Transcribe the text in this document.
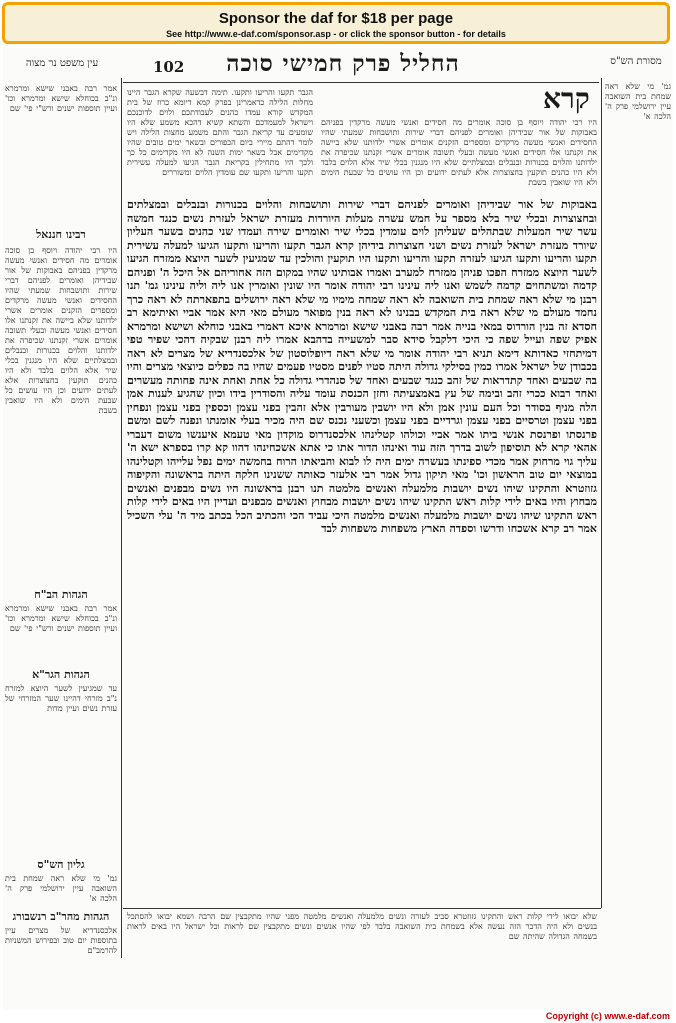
Sponsor the daf for $18 per page
See http://www.e-daf.com/sponsor.asp - or click the sponsor button - for details
עין משפט נר מצוה	102 החליל פרק חמישי סוכה	מסורת הש"ס
אמר רבה באבני שישא ומרמרא ונ"ב בכוחלא שישא ומרמרא וכו' ועיין תוספות ישנים ורש"י פי' שם
רבינו חננאל
היו רבי יהודה ויוסף בן סוכה אומרים מה חסידים ואנשי מעשה מרקדין בפניהם באבוקות של אור שבידיהן ואומרים לפניהם דברי שירות ותושבחות שמעתי שהיו החסידים ואנשי מעשה מרקדים ומספרים הזקנים אומרים אשרי ילדותנו שלא ביישה את זקנתנו אלו חסידים ואנשי מעשה ובעלי תשובה אומרים אשרי זקנתנו שכיפרה את ילדותנו והלוים בכנורות ובנבלים ובמצלתיים שלא היו מנגנין בכלי שיר אלא הלוים בלבד ולא היו כהנים תוקעין בחצוצרות אלא לעתים ידועים וכן היו עושים כל שבעת הימים ולא היו שואבין בשבת
הגהות הב"ח
אמר רבה באבני שישא ומרמרא ונ"ב בכוחלא שישא ומרמרא וכו' ועיין תוספות ישנים ורש"י פי' שם
הגהות הגר"א
עד שמגיעין לשער היוצא למזרח נ"ב מזרחי דהיינו שער המזרחי של עזרת נשים ועיין מדות
גליון הש"ס
גמ' מי שלא ראה שמחת בית השואבה עיין ירושלמי פרק ה' הלכה א'
הגהות מהר"ב רנשבורג
אלכסנדריא של מצרים עיין בתוספות יום טוב ובפירוש המשניות להרמב"ם
הגבר תקעו והריעו ותקעו. תימה דבשעה שקרא הגבר היינו מחלות הלילה כדאמרינן בפרק קמא דיומא כרוז של בית המקדש קורא עמדו כהנים לעבודתכם ולוים לדוכנכם וישראל למעמדכם והשתא קשיא דהכא משמע שלא היו שומעים עד קריאת הגבר והתם משמע מחצות הלילה ויש לומר דהתם מיירי ביום הכפורים ובשאר ימים טובים שהיו מקדימים אבל בשאר ימות השנה לא היו מקדימים כל כך ולכך היו מתחילין בקריאת הגבר הגיעו למעלה עשירית תקעו והריעו ותקעו שם עומדין הלוים ומשוררים
קרא
היו רבי יהודה ויוסף בן סוכה אומרים מה חסידים ואנשי מעשה מרקדין בפניהם באבוקות של אור שבידיהן ואומרים לפניהם דברי שירות ותושבחות שמעתי שהיו החסידים ואנשי מעשה מרקדים ומספרים הזקנים אומרים אשרי ילדותנו שלא ביישה את זקנתנו אלו חסידים ואנשי מעשה ובעלי תשובה אומרים אשרי זקנתנו שכיפרה את ילדותנו והלוים בכנורות ובנבלים ובמצלתיים שלא היו מנגנין בכלי שיר אלא הלוים בלבד ולא היו כהנים תוקעין בחצוצרות אלא לעתים ידועים וכן היו עושים כל שבעת הימים ולא היו שואבין בשבת
באבוקות של אור שבידיהן ואומרים לפניהם דברי שירות ותושבחות והלוים בכנורות ובנבלים ובמצלתים ובחצוצרות ובכלי שיר בלא מספר על חמש עשרה מעלות היורדות מעזרת ישראל לעזרת נשים כנגד חמשה עשר שיר המעלות שבתהלים שעליהן לוים עומדין בכלי שיר ואומרים שירה ועמדו שני כהנים בשער העליון שיורד מעזרת ישראל לעזרת נשים ושני חצוצרות בידיהן קרא הגבר תקעו והריעו ותקעו הגיעו למעלה עשירית תקעו והריעו ותקעו הגיעו לעזרה תקעו והריעו ותקעו היו תוקעין והולכין עד שמגיעין לשער היוצא ממזרח הגיעו לשער היוצא ממזרח הפכו פניהן ממזרח למערב ואמרו אבותינו שהיו במקום הזה אחוריהם אל היכל ה' ופניהם קדמה ומשתחוים קדמה לשמש ואנו ליה עינינו רבי יהודה אומר היו שונין ואומרין אנו ליה וליה עינינו גמ' תנו רבנן מי שלא ראה שמחת בית השואבה לא ראה שמחה מימיו מי שלא ראה ירושלים בתפארתה לא ראה כרך נחמד מעולם מי שלא ראה בית המקדש בבנינו לא ראה בנין מפואר מעולם מאי היא אמר אביי ואיתימא רב חסדא זה בנין הורדוס במאי בנייה אמר רבה באבני שישא ומרמרא איכא דאמרי באבני כוחלא ושישא ומרמרא אפיק שפה ועייל שפה כי היכי דלקבל סידא סבר למשעייה בדהבא אמרו ליה רבנן שבקיה דהכי שפיר טפי דמיתחזי כאדותא דימא תניא רבי יהודה אומר מי שלא ראה דיופלוסטון של אלכסנדריא של מצרים לא ראה בכבודן של ישראל אמרו כמין בסילקי גדולה היתה סטיו לפנים מסטיו פעמים שהיו בה כפלים כיוצאי מצרים והיו בה שבעים ואחד קתדראות של זהב כנגד שבעים ואחד של סנהדרי גדולה כל אחת ואחת אינה פחותה מעשרים ואחד רבוא ככרי זהב ובימה של עץ באמצעיתה וחזן הכנסת עומד עליה והסודרין בידו וכיון שהגיע לענות אמן הלה מניף בסודר וכל העם עונין אמן ולא היו יושבין מעורבין אלא זהבין בפני עצמן וכספין בפני עצמן ונפחין בפני עצמן וטרסיים בפני עצמן וגרדיים בפני עצמן וכשעני נכנס שם היה מכיר בעלי אומנתו ונפנה לשם ומשם פרנסתו ופרנסת אנשי ביתו אמר אביי וכולהו קטלינהו אלכסנדרוס מוקדון מאי טעמא איענשו משום דעברי אהאי קרא לא תוסיפון לשוב בדרך הזה עוד ואינהו הדור אתו כי אתא אשכחינהו דהוו קא קרו בספרא ישא ה' עליך גוי מרחוק אמר מכדי ספינתו בעשרה ימים היה לו לבוא והביאתו הרוח בחמשה ימים נפל עלייהו וקטלינהו במוצאי יום טוב הראשון וכו' מאי תיקון גדול אמר רבי אלעזר כאותה ששנינו חלקה היתה בראשונה והקיפוה גזוזטרא והתקינו שיהו נשים יושבות מלמעלה ואנשים מלמטה תנו רבנן בראשונה היו נשים מבפנים ואנשים מבחוץ והיו באים לידי קלות ראש התקינו שיהו נשים יושבות מבחוץ ואנשים מבפנים ועדיין היו באים לידי קלות ראש התקינו שיהו נשים יושבות מלמעלה ואנשים מלמטה היכי עביד הכי והכתיב הכל בכתב מיד ה' עלי השכיל אמר רב קרא אשכחו ודרשו וספדה הארץ משפחות משפחות לבד
שלא יבואו לידי קלות ראש והתקינו גזוזטרא סביב לעזרה ונשים מלמעלה ואנשים מלמטה מפני שהיו מתקבצין שם הרבה ושמא יבואו להסתכל בנשים ולא היה הדבר הזה נעשה אלא בשמחת בית השואבה בלבד לפי שהיו אנשים ונשים מתקבצין שם לראות וכל ישראל היו באים לראות בשמחה הגדולה שהיתה שם
גמ' מי שלא ראה שמחת בית השואבה עיין ירושלמי פרק ה' הלכה א'
Copyright (c) www.e-daf.com
